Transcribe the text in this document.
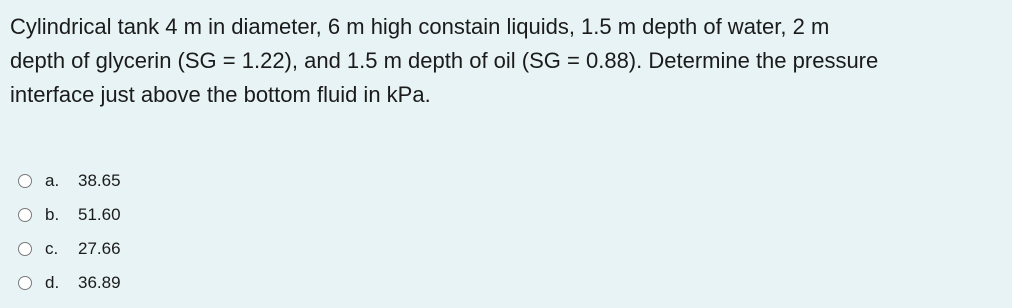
Cylindrical tank 4 m in diameter, 6 m high constain liquids, 1.5 m depth of water, 2 m
depth of glycerin (SG = 1.22), and 1.5 m depth of oil (SG = 0.88). Determine the pressure
interface just above the bottom fluid in kPa.
a.	38.65
b.	51.60
c.	27.66
d.	36.89
